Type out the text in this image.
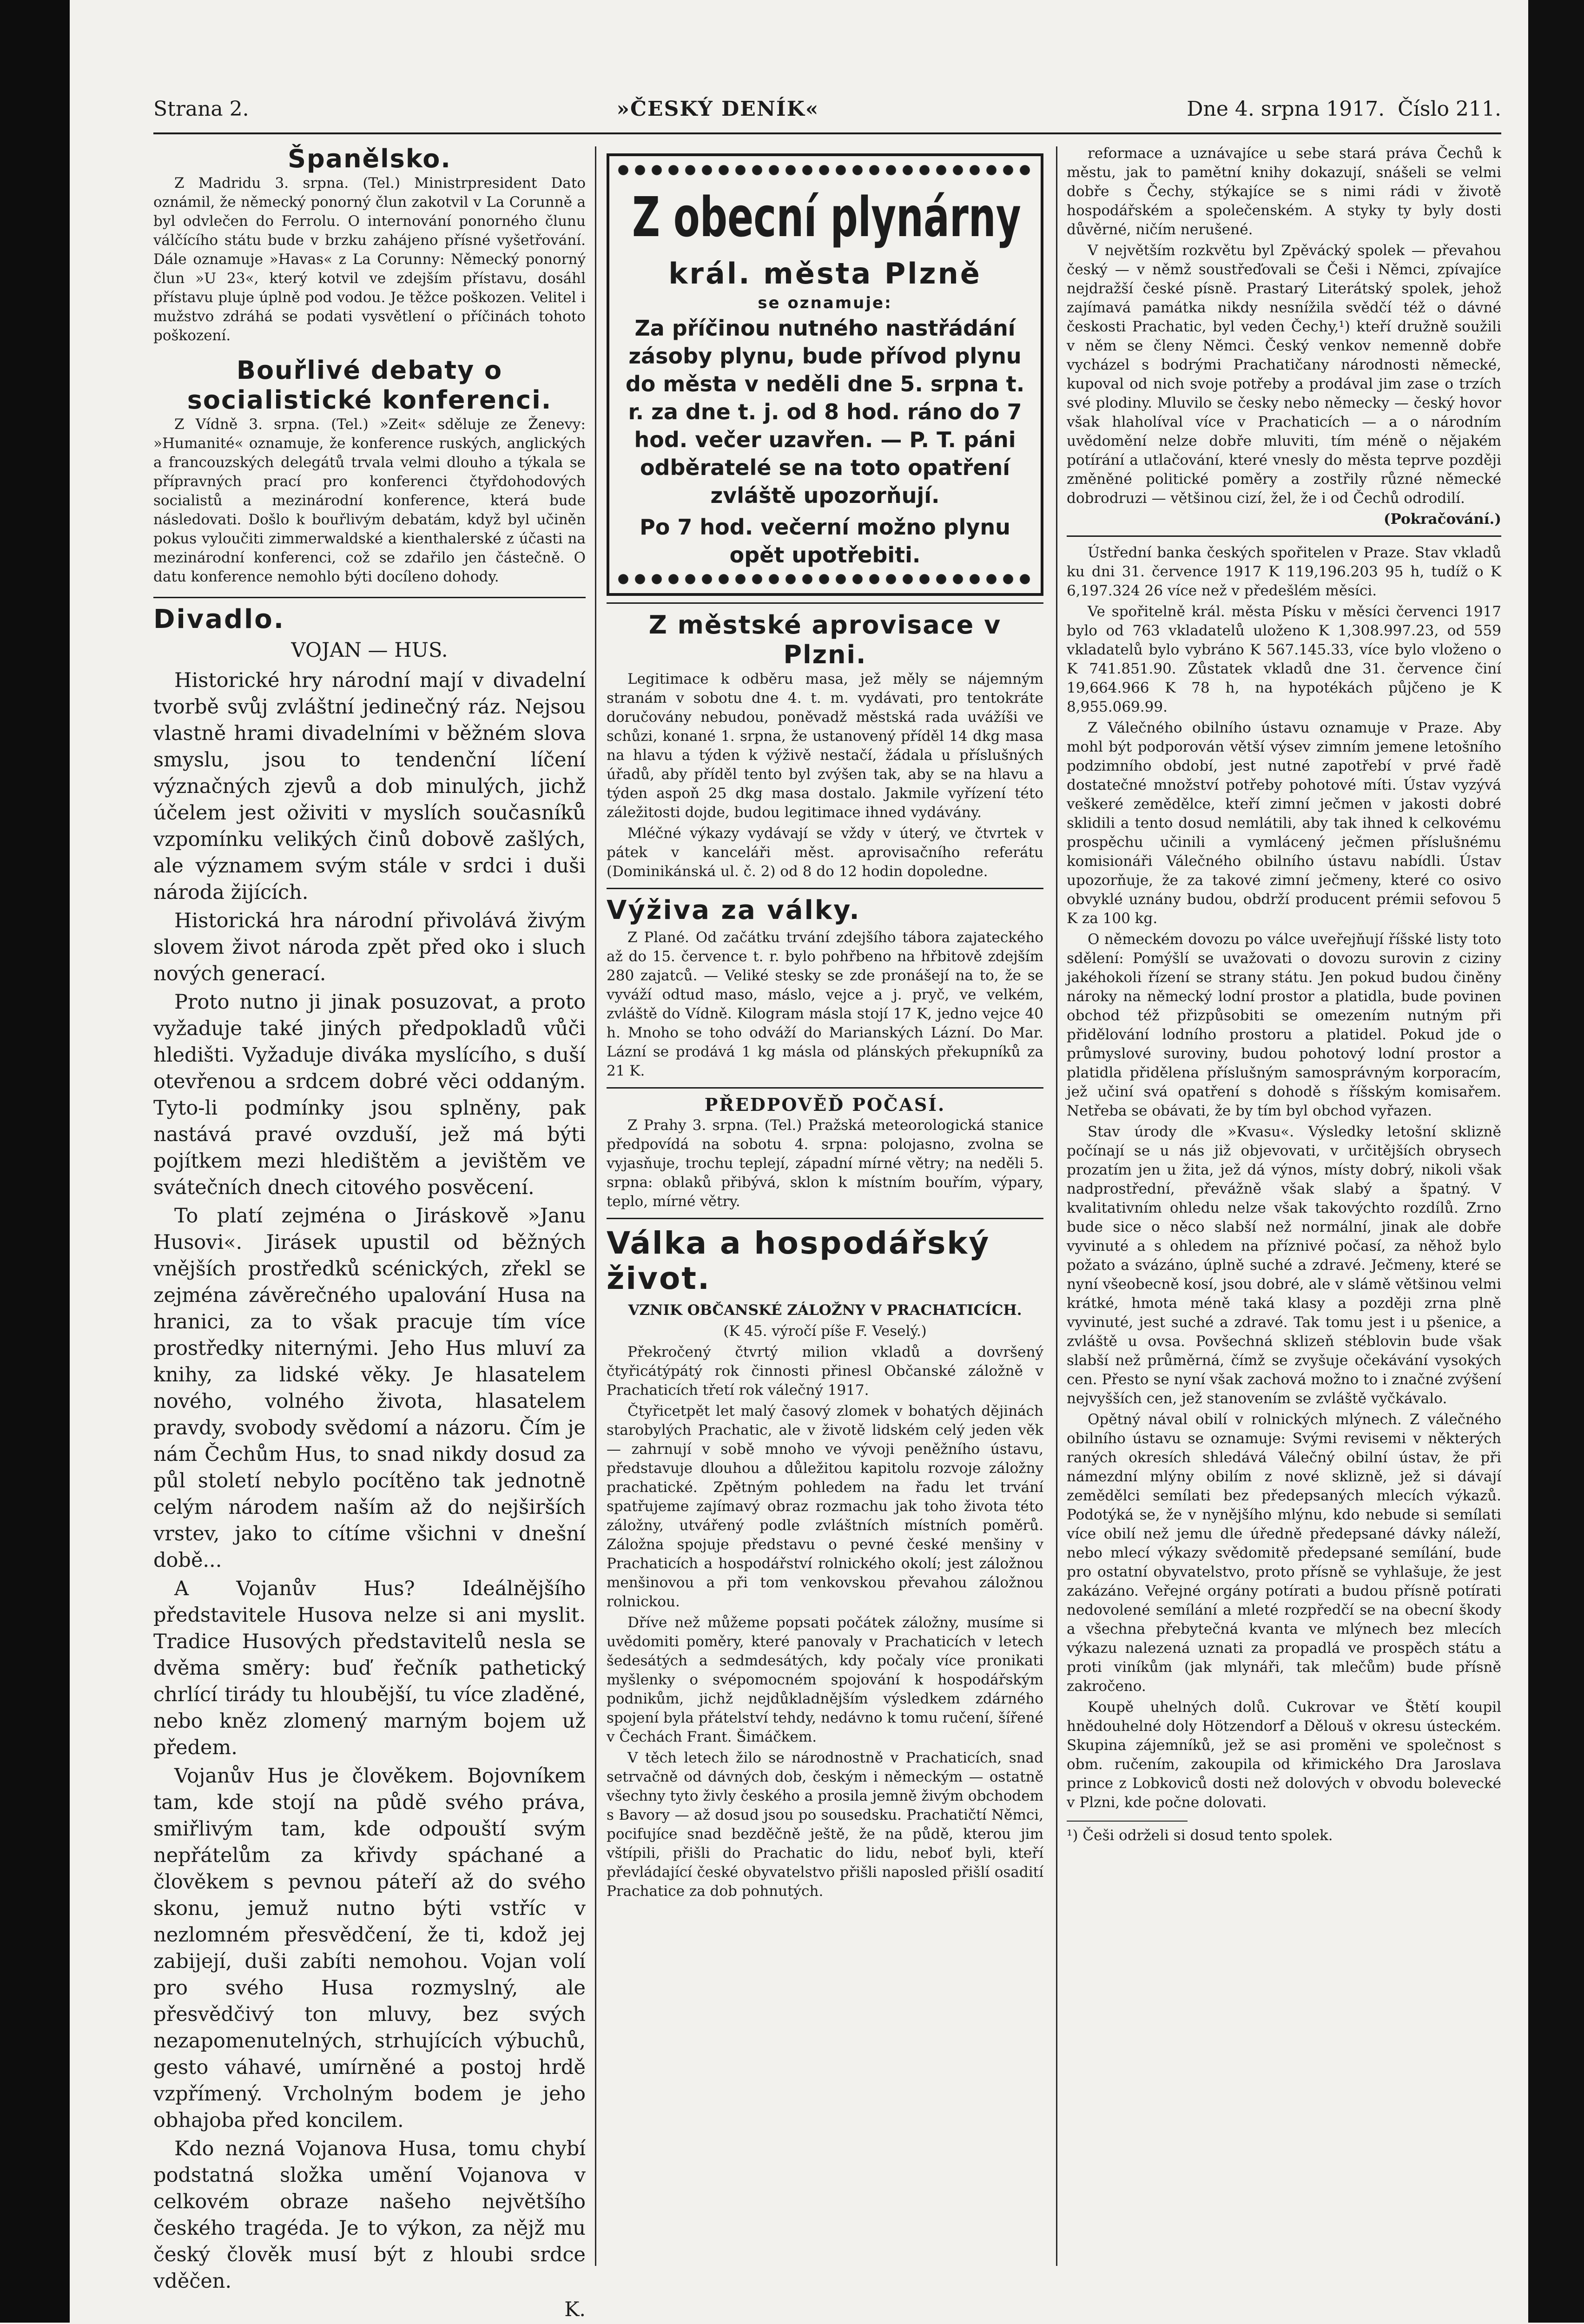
Strana 2.	»ČESKÝ DENÍK«	Dne 4. srpna 1917. Číslo 211.
Španělsko.

Z Madridu 3. srpna. (Tel.) Ministrpresident Dato oznámil, že německý ponorný člun zakotvil v La Corunně a byl odvlečen do Ferrolu. O internování ponorného člunu válčícího státu bude v brzku zahájeno přísné vyšetřování. Dále oznamuje »Havas« z La Corunny: Německý ponorný člun »U 23«, který kotvil ve zdejším přístavu, dosáhl přístavu pluje úplně pod vodou. Je těžce poškozen. Velitel i mužstvo zdráhá se podati vysvětlení o příčinách tohoto poškození.

Bouřlivé debaty o socialistické konferenci.

Z Vídně 3. srpna. (Tel.) »Zeit« sděluje ze Ženevy: »Humanité« oznamuje, že konference ruských, anglických a francouzských delegátů trvala velmi dlouho a týkala se přípravných prací pro konferenci čtyřdohodových socialistů a mezinárodní konference, která bude následovati. Došlo k bouřlivým debatám, když byl učiněn pokus vyloučiti zimmerwaldské a kienthalerské z účasti na mezinárodní konferenci, což se zdařilo jen částečně. O datu konference nemohlo býti docíleno dohody.

Divadlo.

VOJAN — HUS.

Historické hry národní mají v divadelní tvorbě svůj zvláštní jedinečný ráz. Nejsou vlastně hrami divadelními v běžném slova smyslu, jsou to tendenční líčení význačných zjevů a dob minulých, jichž účelem jest oživiti v myslích současníků vzpomínku velikých činů dobově zašlých, ale významem svým stále v srdci i duši národa žijících.

Historická hra národní přivolává živým slovem život národa zpět před oko i sluch nových generací.

Proto nutno ji jinak posuzovat, a proto vyžaduje také jiných předpokladů vůči hledišti. Vyžaduje diváka myslícího, s duší otevřenou a srdcem dobré věci oddaným. Tyto-li podmínky jsou splněny, pak nastává pravé ovzduší, jež má býti pojítkem mezi hledištěm a jevištěm ve svátečních dnech citového posvěcení.

To platí zejména o Jiráskově »Janu Husovi«. Jirásek upustil od běžných vnějších prostředků scénických, zřekl se zejména závěrečného upalování Husa na hranici, za to však pracuje tím více prostředky niternými. Jeho Hus mluví za knihy, za lidské věky. Je hlasatelem nového, volného života, hlasatelem pravdy, svobody svědomí a názoru. Čím je nám Čechům Hus, to snad nikdy dosud za půl století nebylo pocítěno tak jednotně celým národem naším až do nejširších vrstev, jako to cítíme všichni v dnešní době...

A Vojanův Hus? Ideálnějšího představitele Husova nelze si ani myslit. Tradice Husových představitelů nesla se dvěma směry: buď řečník pathetický chrlící tirády tu hloubější, tu více zladěné, nebo kněz zlomený marným bojem už předem.

Vojanův Hus je člověkem. Bojovníkem tam, kde stojí na půdě svého práva, smiřlivým tam, kde odpouští svým nepřátelům za křivdy spáchané a člověkem s pevnou páteří až do svého skonu, jemuž nutno býti vstříc v nezlomném přesvědčení, že ti, kdož jej zabijejí, duši zabíti nemohou. Vojan volí pro svého Husa rozmyslný, ale přesvědčivý ton mluvy, bez svých nezapomenutelných, strhujících výbuchů, gesto váhavé, umírněné a postoj hrdě vzpřímený. Vrcholným bodem je jeho obhajoba před koncilem.

Kdo nezná Vojanova Husa, tomu chybí podstatná složka umění Vojanova v celkovém obraze našeho největšího českého tragéda. Je to výkon, za nějž mu český člověk musí být z hloubi srdce vděčen.

K.

Z obecní plynárny
král. města Plzně
se oznamuje:
Za příčinou nutného nastřádání zásoby plynu, bude přívod plynu do města v neděli dne 5. srpna t. r. za dne t. j. od 8 hod. ráno do 7 hod. večer uzavřen. — P. T. páni odběratelé se na toto opatření zvláště upozorňují.
Po 7 hod. večerní možno plynu opět upotřebiti.
Z městské aprovisace v Plzni.

Legitimace k odběru masa, jež měly se nájemným stranám v sobotu dne 4. t. m. vydávati, pro tentokráte doručovány nebudou, poněvadž městská rada uvážíši ve schůzi, konané 1. srpna, že ustanovený příděl 14 dkg masa na hlavu a týden k výživě nestačí, žádala u příslušných úřadů, aby příděl tento byl zvýšen tak, aby se na hlavu a týden aspoň 25 dkg masa dostalo. Jakmile vyřízení této záležitosti dojde, budou legitimace ihned vydávány.

Mléčné výkazy vydávají se vždy v úterý, ve čtvrtek v pátek v kanceláři měst. aprovisačního referátu (Dominikánská ul. č. 2) od 8 do 12 hodin dopoledne.

Výživa za války.

Z Plané. Od začátku trvání zdejšího tábora zajateckého až do 15. července t. r. bylo pohřbeno na hřbitově zdejším 280 zajatců. — Veliké stesky se zde pronášejí na to, že se vyváží odtud maso, máslo, vejce a j. pryč, ve velkém, zvláště do Vídně. Kilogram másla stojí 17 K, jedno vejce 40 h. Mnoho se toho odváží do Marianských Lázní. Do Mar. Lázní se prodává 1 kg másla od plánských překupníků za 21 K.

PŘEDPOVĚĎ POČASÍ.

Z Prahy 3. srpna. (Tel.) Pražská meteorologická stanice předpovídá na sobotu 4. srpna: polojasno, zvolna se vyjasňuje, trochu teplejí, západní mírné větry; na neděli 5. srpna: oblaků přibývá, sklon k místním bouřím, výpary, teplo, mírné větry.

Válka a hospodářský život.

VZNIK OBČANSKÉ ZÁLOŽNY V PRACHATICÍCH.

(K 45. výročí píše F. Veselý.)

Překročený čtvrtý milion vkladů a dovršený čtyřicátýpátý rok činnosti přinesl Občanské záložně v Prachaticích třetí rok válečný 1917.

Čtyřicetpět let malý časový zlomek v bohatých dějinách starobylých Prachatic, ale v životě lidském celý jeden věk — zahrnují v sobě mnoho ve vývoji peněžního ústavu, představuje dlouhou a důležitou kapitolu rozvoje záložny prachatické. Zpětným pohledem na řadu let trvání spatřujeme zajímavý obraz rozmachu jak toho života této záložny, utvářený podle zvláštních místních poměrů. Záložna spojuje představu o pevné české menšiny v Prachaticích a hospodářství rolnického okolí; jest záložnou menšinovou a při tom venkovskou převahou záložnou rolnickou.

Dříve než můžeme popsati počátek záložny, musíme si uvědomiti poměry, které panovaly v Prachaticích v letech šedesátých a sedmdesátých, kdy počaly více pronikati myšlenky o svépomocném spojování k hospodářským podnikům, jichž nejdůkladnějším výsledkem zdárného spojení byla přátelství tehdy, nedávno k tomu ručení, šířené v Čechách Frant. Šimáčkem.

V těch letech žilo se národnostně v Prachaticích, snad setrvačně od dávných dob, českým i německým — ostatně všechny tyto živly českého a prosila jemně živým obchodem s Bavory — až dosud jsou po sousedsku. Prachatičtí Němci, pocifujíce snad bezděčně ještě, že na půdě, kterou jim vštípili, přišli do Prachatic do lidu, neboť byli, kteří převládající české obyvatelstvo přišli naposled přišlí osadití Prachatice za dob pohnutých.

reformace a uznávajíce u sebe stará práva Čechů k městu, jak to pamětní knihy dokazují, snášeli se velmi dobře s Čechy, stýkajíce se s nimi rádi v životě hospodářském a společenském. A styky ty byly dosti důvěrné, ničím nerušené.

V největším rozkvětu byl Zpěvácký spolek — převahou český — v němž soustřeďovali se Češi i Němci, zpívajíce nejdražší české písně. Prastarý Literátský spolek, jehož zajímavá památka nikdy nesnížila svědčí též o dávné českosti Prachatic, byl veden Čechy,¹) kteří družně soužili v něm se členy Němci. Český venkov nemenně dobře vycházel s bodrými Prachatičany národnosti německé, kupoval od nich svoje potřeby a prodával jim zase o trzích své plodiny. Mluvilo se česky nebo německy — český hovor však hlaholíval více v Prachaticích — a o národním uvědomění nelze dobře mluviti, tím méně o nějakém potírání a utlačování, které vnesly do města teprve později změněné politické poměry a zostřily různé německé dobrodruzi — většinou cizí, žel, že i od Čechů odrodilí.

(Pokračování.)

Ústřední banka českých spořitelen v Praze. Stav vkladů ku dni 31. července 1917 K 119,196.203 95 h, tudíž o K 6,197.324 26 více než v předešlém měsíci.

Ve spořitelně král. města Písku v měsíci červenci 1917 bylo od 763 vkladatelů uloženo K 1,308.997.23, od 559 vkladatelů bylo vybráno K 567.145.33, více bylo vloženo o K 741.851.90. Zůstatek vkladů dne 31. července činí 19,664.966 K 78 h, na hypotékách půjčeno je K 8,955.069.99.

Z Válečného obilního ústavu oznamuje v Praze. Aby mohl být podporován větší výsev zimním jemene letošního podzimního období, jest nutné zapotřebí v prvé řadě dostatečné množství potřeby pohotové míti. Ústav vyzývá veškeré zemědělce, kteří zimní ječmen v jakosti dobré sklidili a tento dosud nemlátili, aby tak ihned k celkovému prospěchu učinili a vymlácený ječmen příslušnému komisionáři Válečného obilního ústavu nabídli. Ústav upozorňuje, že za takové zimní ječmeny, které co osivo obvyklé uznány budou, obdrží producent prémii sefovou 5 K za 100 kg.

O německém dovozu po válce uveřejňují říšské listy toto sdělení: Pomýšlí se uvažovati o dovozu surovin z ciziny jakéhokoli řízení se strany státu. Jen pokud budou činěny nároky na německý lodní prostor a platidla, bude povinen obchod též přizpůsobiti se omezením nutným při přidělování lodního prostoru a platidel. Pokud jde o průmyslové suroviny, budou pohotový lodní prostor a platidla přidělena příslušným samosprávným korporacím, jež učiní svá opatření s dohodě s říšským komisařem. Netřeba se obávati, že by tím byl obchod vyřazen.

Stav úrody dle »Kvasu«. Výsledky letošní sklizně počínají se u nás již objevovati, v určitějších obrysech prozatím jen u žita, jež dá výnos, místy dobrý, nikoli však nadprostřední, převážně však slabý a špatný. V kvalitativním ohledu nelze však takovýchto rozdílů. Zrno bude sice o něco slabší než normální, jinak ale dobře vyvinuté a s ohledem na příznivé počasí, za něhož bylo požato a svázáno, úplně suché a zdravé. Ječmeny, které se nyní všeobecně kosí, jsou dobré, ale v slámě většinou velmi krátké, hmota méně taká klasy a později zrna plně vyvinuté, jest suché a zdravé. Tak tomu jest i u pšenice, a zvláště u ovsa. Povšechná sklizeň stéblovin bude však slabší než průměrná, čímž se zvyšuje očekávání vysokých cen. Přesto se nyní však zachová možno to i značné zvýšení nejvyšších cen, jež stanovením se zvláště vyčkávalo.

Opětný nával obilí v rolnických mlýnech. Z válečného obilního ústavu se oznamuje: Svými revisemi v některých raných okresích shledává Válečný obilní ústav, že při námezdní mlýny obilím z nové sklizně, jež si dávají zemědělci semílati bez předepsaných mlecích výkazů. Podotýká se, že v nynějšího mlýnu, kdo nebude si semílati více obilí než jemu dle úředně předepsané dávky náleží, nebo mlecí výkazy svědomitě předepsané semílání, bude pro ostatní obyvatelstvo, proto přísně se vyhlašuje, že jest zakázáno. Veřejné orgány potírati a budou přísně potírati nedovolené semílání a mleté rozpředčí se na obecní škody a všechna přebytečná kvanta ve mlýnech bez mlecích výkazu nalezená uznati za propadlá ve prospěch státu a proti viníkům (jak mlynáři, tak mlečům) bude přísně zakročeno.

Koupě uhelných dolů. Cukrovar ve Štětí koupil hnědouhelné doly Hötzendorf a Dělouš v okresu ústeckém. Skupina zájemníků, jež se asi proměni ve společnost s obm. ručením, zakoupila od křimického Dra Jaroslava prince z Lobkoviců dosti než dolových v obvodu bolevecké v Plzni, kde počne dolovati.

¹) Češi održeli si dosud tento spolek.
